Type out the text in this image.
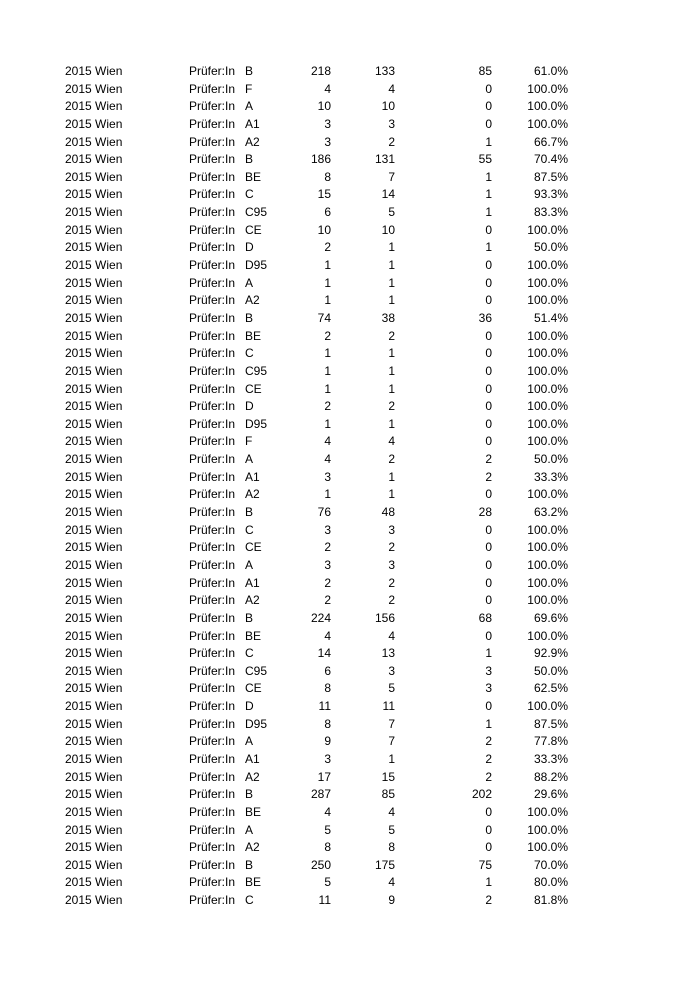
2015 Wien	Prüfer:In B	218	133	85	61.0%
2015 Wien	Prüfer:In F	4	4	0	100.0%
2015 Wien	Prüfer:In A	10	10	0	100.0%
2015 Wien	Prüfer:In A1	3	3	0	100.0%
2015 Wien	Prüfer:In A2	3	2	1	66.7%
2015 Wien	Prüfer:In B	186	131	55	70.4%
2015 Wien	Prüfer:In BE	8	7	1	87.5%
2015 Wien	Prüfer:In C	15	14	1	93.3%
2015 Wien	Prüfer:In C95	6	5	1	83.3%
2015 Wien	Prüfer:In CE	10	10	0	100.0%
2015 Wien	Prüfer:In D	2	1	1	50.0%
2015 Wien	Prüfer:In D95	1	1	0	100.0%
2015 Wien	Prüfer:In A	1	1	0	100.0%
2015 Wien	Prüfer:In A2	1	1	0	100.0%
2015 Wien	Prüfer:In B	74	38	36	51.4%
2015 Wien	Prüfer:In BE	2	2	0	100.0%
2015 Wien	Prüfer:In C	1	1	0	100.0%
2015 Wien	Prüfer:In C95	1	1	0	100.0%
2015 Wien	Prüfer:In CE	1	1	0	100.0%
2015 Wien	Prüfer:In D	2	2	0	100.0%
2015 Wien	Prüfer:In D95	1	1	0	100.0%
2015 Wien	Prüfer:In F	4	4	0	100.0%
2015 Wien	Prüfer:In A	4	2	2	50.0%
2015 Wien	Prüfer:In A1	3	1	2	33.3%
2015 Wien	Prüfer:In A2	1	1	0	100.0%
2015 Wien	Prüfer:In B	76	48	28	63.2%
2015 Wien	Prüfer:In C	3	3	0	100.0%
2015 Wien	Prüfer:In CE	2	2	0	100.0%
2015 Wien	Prüfer:In A	3	3	0	100.0%
2015 Wien	Prüfer:In A1	2	2	0	100.0%
2015 Wien	Prüfer:In A2	2	2	0	100.0%
2015 Wien	Prüfer:In B	224	156	68	69.6%
2015 Wien	Prüfer:In BE	4	4	0	100.0%
2015 Wien	Prüfer:In C	14	13	1	92.9%
2015 Wien	Prüfer:In C95	6	3	3	50.0%
2015 Wien	Prüfer:In CE	8	5	3	62.5%
2015 Wien	Prüfer:In D	11	11	0	100.0%
2015 Wien	Prüfer:In D95	8	7	1	87.5%
2015 Wien	Prüfer:In A	9	7	2	77.8%
2015 Wien	Prüfer:In A1	3	1	2	33.3%
2015 Wien	Prüfer:In A2	17	15	2	88.2%
2015 Wien	Prüfer:In B	287	85	202	29.6%
2015 Wien	Prüfer:In BE	4	4	0	100.0%
2015 Wien	Prüfer:In A	5	5	0	100.0%
2015 Wien	Prüfer:In A2	8	8	0	100.0%
2015 Wien	Prüfer:In B	250	175	75	70.0%
2015 Wien	Prüfer:In BE	5	4	1	80.0%
2015 Wien	Prüfer:In C	11	9	2	81.8%
